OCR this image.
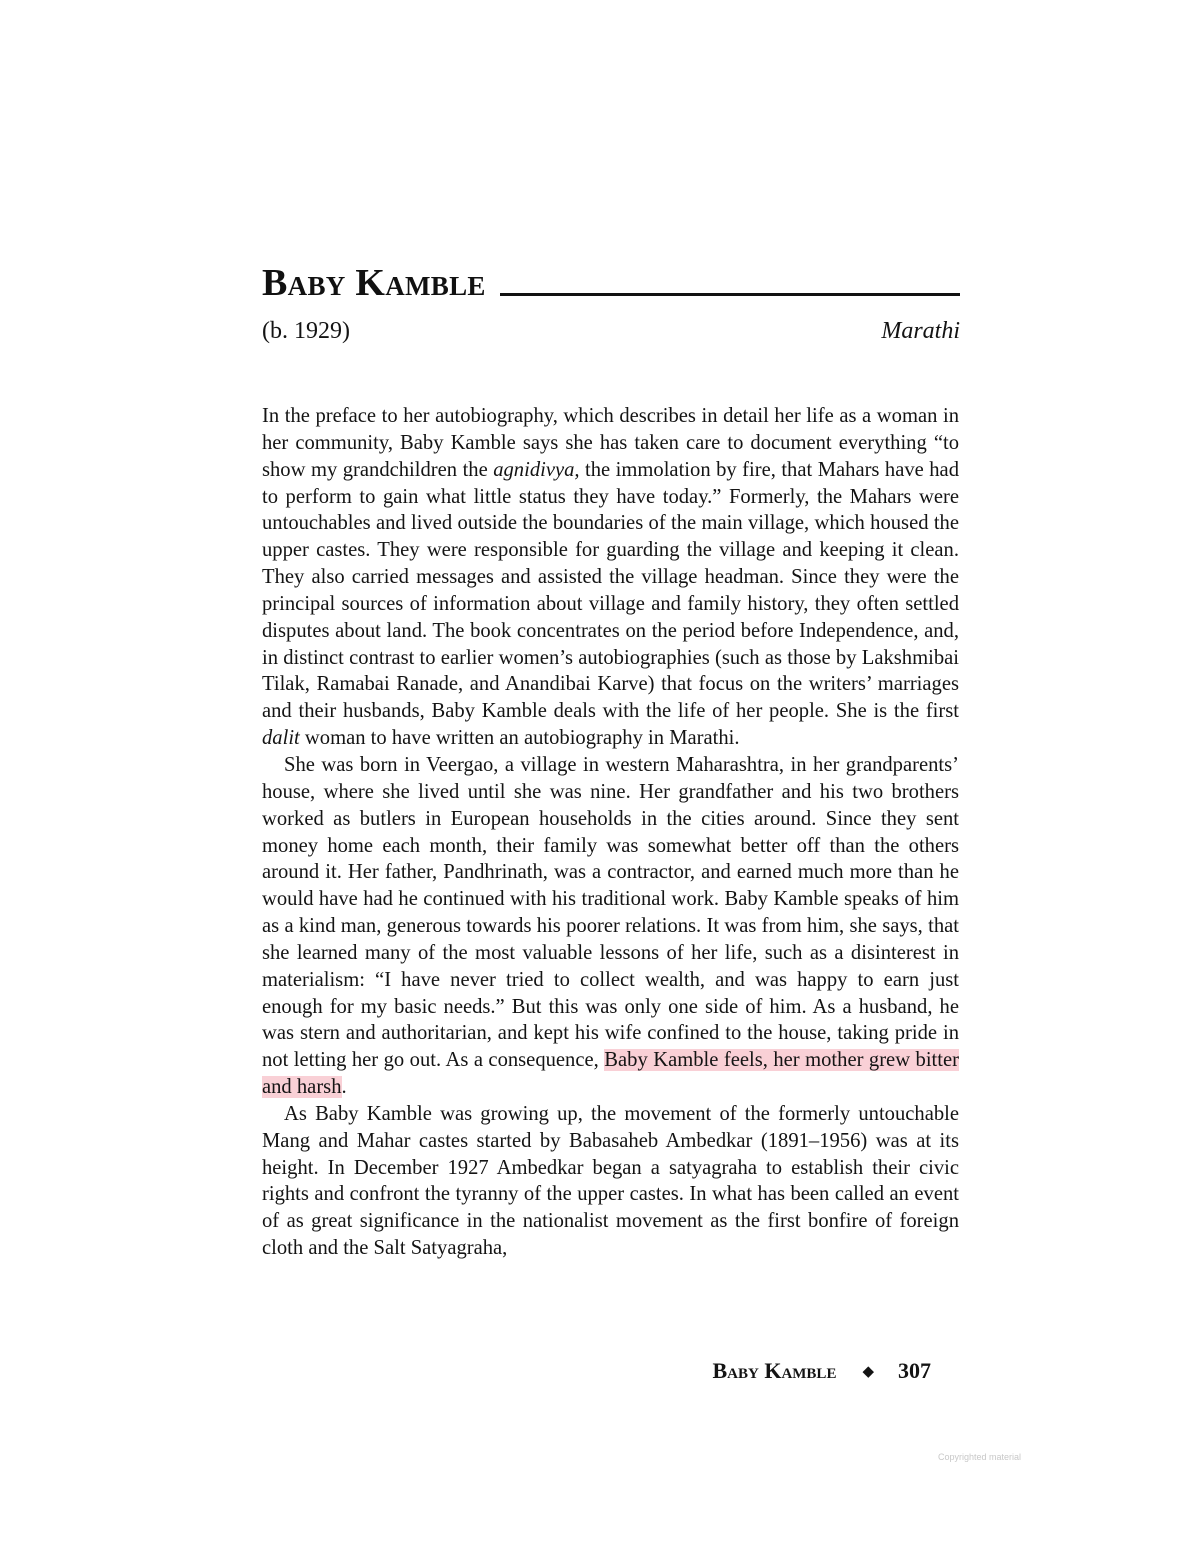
Baby Kamble
(b. 1929)	Marathi

In the preface to her autobiography, which describes in detail her life as a woman in her community, Baby Kamble says she has taken care to document everything “to show my grandchildren the agnidivya, the immolation by fire, that Mahars have had to perform to gain what little status they have today.” Formerly, the Mahars were untouchables and lived outside the boundaries of the main village, which housed the upper castes. They were responsible for guarding the village and keeping it clean. They also carried messages and assisted the village headman. Since they were the principal sources of information about village and family history, they often settled disputes about land. The book concentrates on the period before Independence, and, in distinct contrast to earlier women’s autobiographies (such as those by Lakshmibai Tilak, Ramabai Ranade, and Anandibai Karve) that focus on the writers’ marriages and their husbands, Baby Kamble deals with the life of her people. She is the first dalit woman to have written an autobiography in Marathi.

She was born in Veergao, a village in western Maharashtra, in her grandparents’ house, where she lived until she was nine. Her grandfather and his two brothers worked as butlers in European households in the cities around. Since they sent money home each month, their family was somewhat better off than the others around it. Her father, Pandhrinath, was a contractor, and earned much more than he would have had he continued with his traditional work. Baby Kamble speaks of him as a kind man, generous towards his poorer relations. It was from him, she says, that she learned many of the most valuable lessons of her life, such as a disinterest in materialism: “I have never tried to collect wealth, and was happy to earn just enough for my basic needs.” But this was only one side of him. As a husband, he was stern and authoritarian, and kept his wife confined to the house, taking pride in not letting her go out. As a consequence, Baby Kamble feels, her mother grew bitter and harsh.

As Baby Kamble was growing up, the movement of the formerly untouchable Mang and Mahar castes started by Babasaheb Ambedkar (1891–1956) was at its height. In December 1927 Ambedkar began a satyagraha to establish their civic rights and confront the tyranny of the upper castes. In what has been called an event of as great significance in the nationalist movement as the first bonfire of foreign cloth and the Salt Satyagraha,

Baby Kamble ◆ 307
Copyrighted material
